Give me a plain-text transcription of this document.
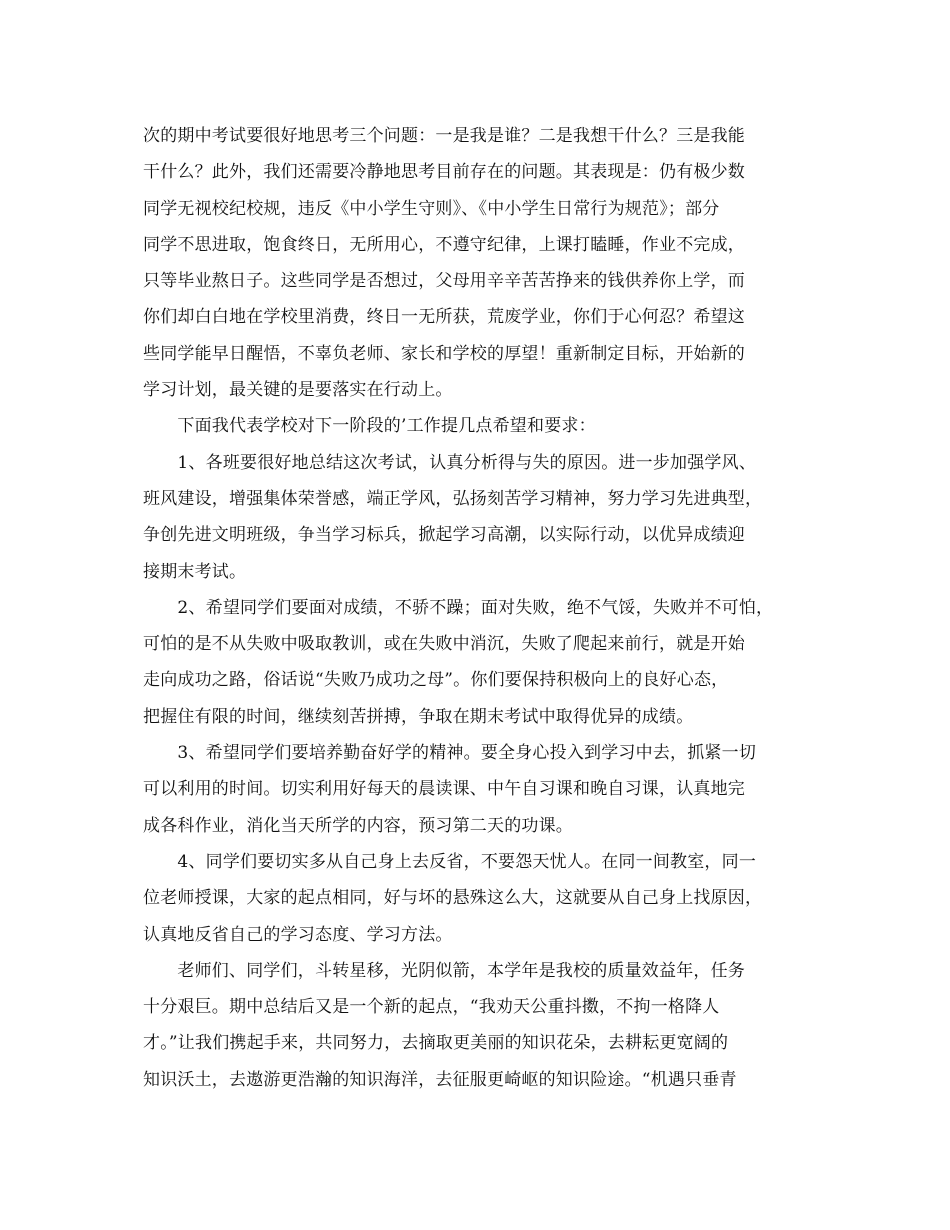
次的期中考试要很好地思考三个问题：一是我是谁？二是我想干什么？三是我能
干什么？此外，我们还需要冷静地思考目前存在的问题。其表现是：仍有极少数
同学无视校纪校规，违反《中小学生守则》、《中小学生日常行为规范》；部分
同学不思进取，饱食终日，无所用心，不遵守纪律，上课打瞌睡，作业不完成，
只等毕业熬日子。这些同学是否想过，父母用辛辛苦苦挣来的钱供养你上学，而
你们却白白地在学校里消费，终日一无所获，荒废学业，你们于心何忍？希望这
些同学能早日醒悟，不辜负老师、家长和学校的厚望！重新制定目标，开始新的
学习计划，最关键的是要落实在行动上。
　　下面我代表学校对下一阶段的’工作提几点希望和要求：
　　1、各班要很好地总结这次考试，认真分析得与失的原因。进一步加强学风、
班风建设，增强集体荣誉感，端正学风，弘扬刻苦学习精神，努力学习先进典型，
争创先进文明班级，争当学习标兵，掀起学习高潮，以实际行动，以优异成绩迎
接期末考试。
　　2、希望同学们要面对成绩，不骄不躁；面对失败，绝不气馁，失败并不可怕，
可怕的是不从失败中吸取教训，或在失败中消沉，失败了爬起来前行，就是开始
走向成功之路，俗话说“失败乃成功之母”。你们要保持积极向上的良好心态，
把握住有限的时间，继续刻苦拼搏，争取在期末考试中取得优异的成绩。
　　3、希望同学们要培养勤奋好学的精神。要全身心投入到学习中去，抓紧一切
可以利用的时间。切实利用好每天的晨读课、中午自习课和晚自习课，认真地完
成各科作业，消化当天所学的内容，预习第二天的功课。
　　4、同学们要切实多从自己身上去反省，不要怨天忧人。在同一间教室，同一
位老师授课，大家的起点相同，好与坏的悬殊这么大，这就要从自己身上找原因，
认真地反省自己的学习态度、学习方法。
　　老师们、同学们，斗转星移，光阴似箭，本学年是我校的质量效益年，任务
十分艰巨。期中总结后又是一个新的起点，“我劝天公重抖擞，不拘一格降人
才。”让我们携起手来，共同努力，去摘取更美丽的知识花朵，去耕耘更宽阔的
知识沃土，去遨游更浩瀚的知识海洋，去征服更崎岖的知识险途。“机遇只垂青
